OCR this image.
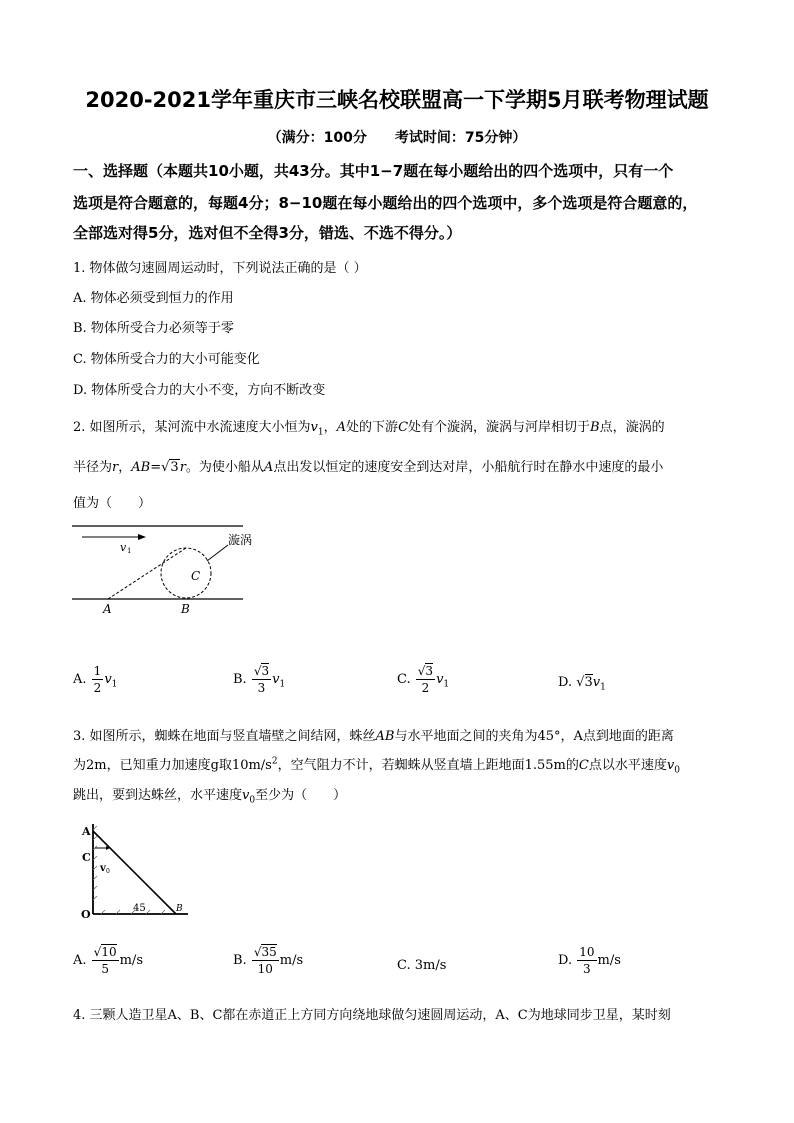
2020-2021学年重庆市三峡名校联盟高一下学期5月联考物理试题
（满分：100分　　考试时间：75分钟）
一、选择题（本题共10小题，共43分。其中1−7题在每小题给出的四个选项中，只有一个
选项是符合题意的，每题4分；8−10题在每小题给出的四个选项中，多个选项是符合题意的，
全部选对得5分，选对但不全得3分，错选、不选不得分。）
1. 物体做匀速圆周运动时，下列说法正确的是（ ）
A. 物体必须受到恒力的作用
B. 物体所受合力必须等于零
C. 物体所受合力的大小可能变化
D. 物体所受合力的大小不变，方向不断改变
2. 如图所示，某河流中水流速度大小恒为$v_1$，A处的下游C处有个漩涡，漩涡与河岸相切于B点，漩涡的
半径为r，AB=√3r。为使小船从A点出发以恒定的速度安全到达对岸，小船航行时在静水中速度的最小
值为（　　）
v 1
漩涡
C
A	B
A. $\frac{1}{2} v_1$	B. $\frac{√3}{3} v_1$	C. $\frac{√3}{2} v_1$	D. $√3v_1$
3. 如图所示，蜘蛛在地面与竖直墙壁之间结网，蛛丝AB与水平地面之间的夹角为45°，A点到地面的距离
为2m，已知重力加速度g取$10m/s^2$，空气阻力不计，若蜘蛛从竖直墙上距地面1.55m的C点以水平速度$v_0$
跳出，要到达蛛丝，水平速度$v_0$至少为（　　）
A
C
v 0
O	45	B
A. $\frac{√10}{5} m/s$	B. $\frac{√35}{10} m/s$	C. 3m/s	D. $\frac{10}{3} m/s$
4. 三颗人造卫星A、B、C都在赤道正上方同方向绕地球做匀速圆周运动，A、C为地球同步卫星，某时刻
